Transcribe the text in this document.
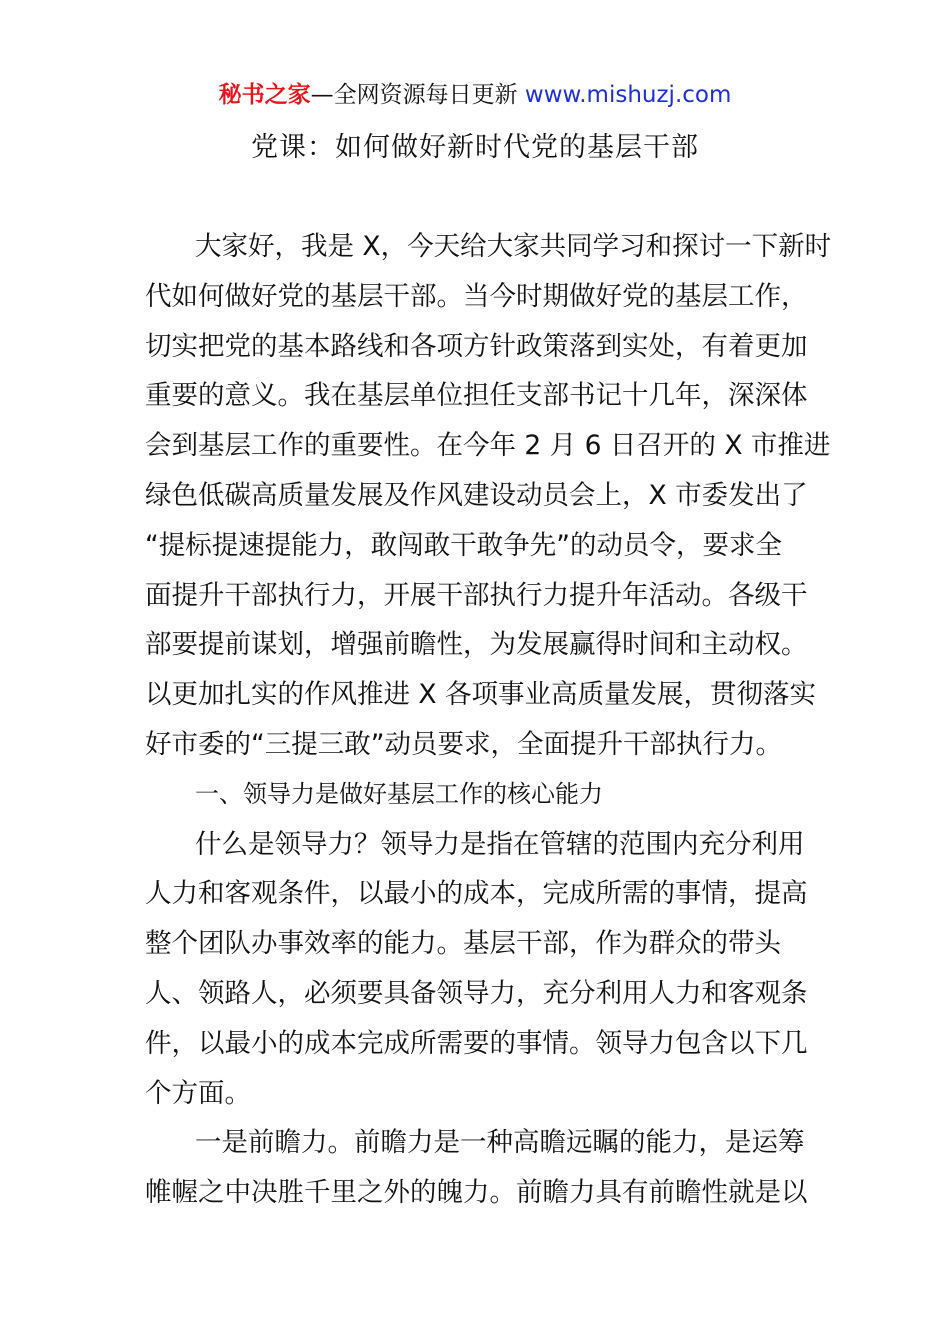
秘书之家—全网资源每日更新 www.mishuzj.com
党课：如何做好新时代党的基层干部
大家好，我是 X，今天给大家共同学习和探讨一下新时
代如何做好党的基层干部。当今时期做好党的基层工作，
切实把党的基本路线和各项方针政策落到实处，有着更加
重要的意义。我在基层单位担任支部书记十几年，深深体
会到基层工作的重要性。在今年 2 月 6 日召开的 X 市推进
绿色低碳高质量发展及作风建设动员会上，X 市委发出了
“提标提速提能力，敢闯敢干敢争先”的动员令，要求全
面提升干部执行力，开展干部执行力提升年活动。各级干
部要提前谋划，增强前瞻性，为发展赢得时间和主动权。
以更加扎实的作风推进 X 各项事业高质量发展，贯彻落实
好市委的“三提三敢”动员要求，全面提升干部执行力。
一、领导力是做好基层工作的核心能力
什么是领导力？领导力是指在管辖的范围内充分利用
人力和客观条件，以最小的成本，完成所需的事情，提高
整个团队办事效率的能力。基层干部，作为群众的带头
人、领路人，必须要具备领导力，充分利用人力和客观条
件，以最小的成本完成所需要的事情。领导力包含以下几
个方面。
一是前瞻力。前瞻力是一种高瞻远瞩的能力，是运筹
帷幄之中决胜千里之外的魄力。前瞻力具有前瞻性就是以
